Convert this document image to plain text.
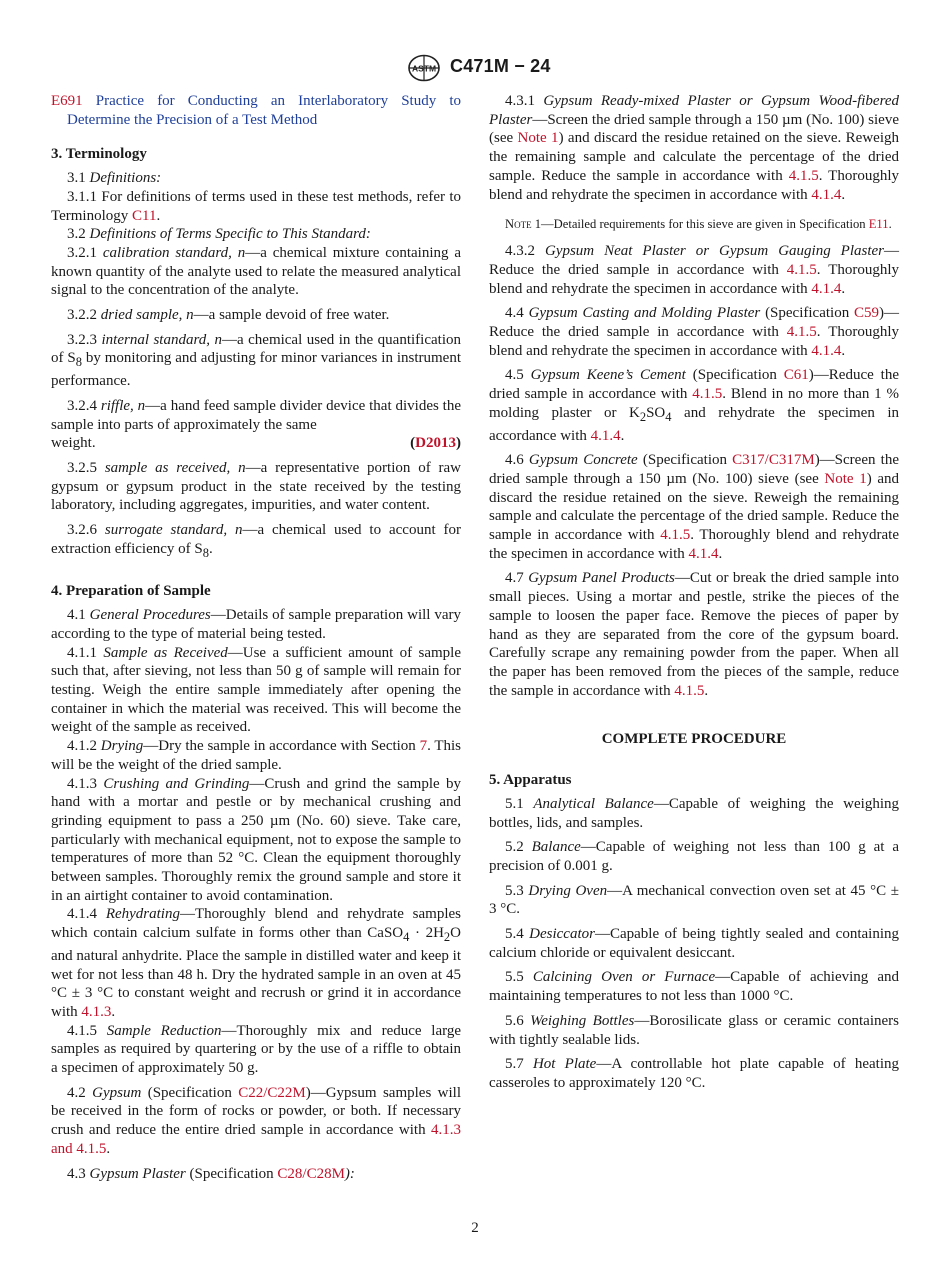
ASTM C471M − 24

E691 Practice for Conducting an Interlaboratory Study to Determine the Precision of a Test Method

3. Terminology

3.1 Definitions:

3.1.1 For definitions of terms used in these test methods, refer to Terminology C11.

3.2 Definitions of Terms Specific to This Standard:

3.2.1 calibration standard, n—a chemical mixture containing a known quantity of the analyte used to relate the measured analytical signal to the concentration of the analyte.

3.2.2 dried sample, n—a sample devoid of free water.

3.2.3 internal standard, n—a chemical used in the quantification of $S_8$ by monitoring and adjusting for minor variances in instrument performance.

3.2.4 riffle, n—a hand feed sample divider device that divides the sample into parts of approximately the same

weight.	(D2013)

3.2.5 sample as received, n—a representative portion of raw gypsum or gypsum product in the state received by the testing laboratory, including aggregates, impurities, and water content.

3.2.6 surrogate standard, n—a chemical used to account for extraction efficiency of $S_8$.

4. Preparation of Sample

4.1 General Procedures—Details of sample preparation will vary according to the type of material being tested.

4.1.1 Sample as Received—Use a sufficient amount of sample such that, after sieving, not less than 50 g of sample will remain for testing. Weigh the entire sample immediately after opening the container in which the material was received. This will become the weight of the sample as received.

4.1.2 Drying—Dry the sample in accordance with Section 7. This will be the weight of the dried sample.

4.1.3 Crushing and Grinding—Crush and grind the sample by hand with a mortar and pestle or by mechanical crushing and grinding equipment to pass a 250 µm (No. 60) sieve. Take care, particularly with mechanical equipment, not to expose the sample to temperatures of more than 52 °C. Clean the equipment thoroughly between samples. Thoroughly remix the ground sample and store it in an airtight container to avoid contamination.

4.1.4 Rehydrating—Thoroughly blend and rehydrate samples which contain calcium sulfate in forms other than CaSO$_4$ · $2H_2O$ and natural anhydrite. Place the sample in distilled water and keep it wet for not less than 48 h. Dry the hydrated sample in an oven at 45 °C ± 3 °C to constant weight and recrush or grind it in accordance with 4.1.3.

4.1.5 Sample Reduction—Thoroughly mix and reduce large samples as required by quartering or by the use of a riffle to obtain a specimen of approximately 50 g.

4.2 Gypsum (Specification C22/C22M)—Gypsum samples will be received in the form of rocks or powder, or both. If necessary crush and reduce the entire dried sample in accordance with 4.1.3 and 4.1.5.

4.3 Gypsum Plaster (Specification C28/C28M):

4.3.1 Gypsum Ready-mixed Plaster or Gypsum Wood-fibered Plaster—Screen the dried sample through a 150 µm (No. 100) sieve (see Note 1) and discard the residue retained on the sieve. Reweigh the remaining sample and calculate the percentage of the dried sample. Reduce the sample in accordance with 4.1.5. Thoroughly blend and rehydrate the specimen in accordance with 4.1.4.

Note 1—Detailed requirements for this sieve are given in Specification E11.

4.3.2 Gypsum Neat Plaster or Gypsum Gauging Plaster—Reduce the dried sample in accordance with 4.1.5. Thoroughly blend and rehydrate the specimen in accordance with 4.1.4.

4.4 Gypsum Casting and Molding Plaster (Specification C59)—Reduce the dried sample in accordance with 4.1.5. Thoroughly blend and rehydrate the specimen in accordance with 4.1.4.

4.5 Gypsum Keene’s Cement (Specification C61)—Reduce the dried sample in accordance with 4.1.5. Blend in no more than 1 % molding plaster or $K_2SO_4$ and rehydrate the specimen in accordance with 4.1.4.

4.6 Gypsum Concrete (Specification C317/C317M)—Screen the dried sample through a 150 µm (No. 100) sieve (see Note 1) and discard the residue retained on the sieve. Reweigh the remaining sample and calculate the percentage of the dried sample. Reduce the sample in accordance with 4.1.5. Thoroughly blend and rehydrate the specimen in accordance with 4.1.4.

4.7 Gypsum Panel Products—Cut or break the dried sample into small pieces. Using a mortar and pestle, strike the pieces of the sample to loosen the paper face. Remove the pieces of paper by hand as they are separated from the core of the gypsum board. Carefully scrape any remaining powder from the paper. When all the paper has been removed from the pieces of the sample, reduce the sample in accordance with 4.1.5.

COMPLETE PROCEDURE

5. Apparatus

5.1 Analytical Balance—Capable of weighing the weighing bottles, lids, and samples.

5.2 Balance—Capable of weighing not less than 100 g at a precision of 0.001 g.

5.3 Drying Oven—A mechanical convection oven set at 45 °C ± 3 °C.

5.4 Desiccator—Capable of being tightly sealed and containing calcium chloride or equivalent desiccant.

5.5 Calcining Oven or Furnace—Capable of achieving and maintaining temperatures to not less than 1000 °C.

5.6 Weighing Bottles—Borosilicate glass or ceramic containers with tightly sealable lids.

5.7 Hot Plate—A controllable hot plate capable of heating casseroles to approximately 120 °C.

2
